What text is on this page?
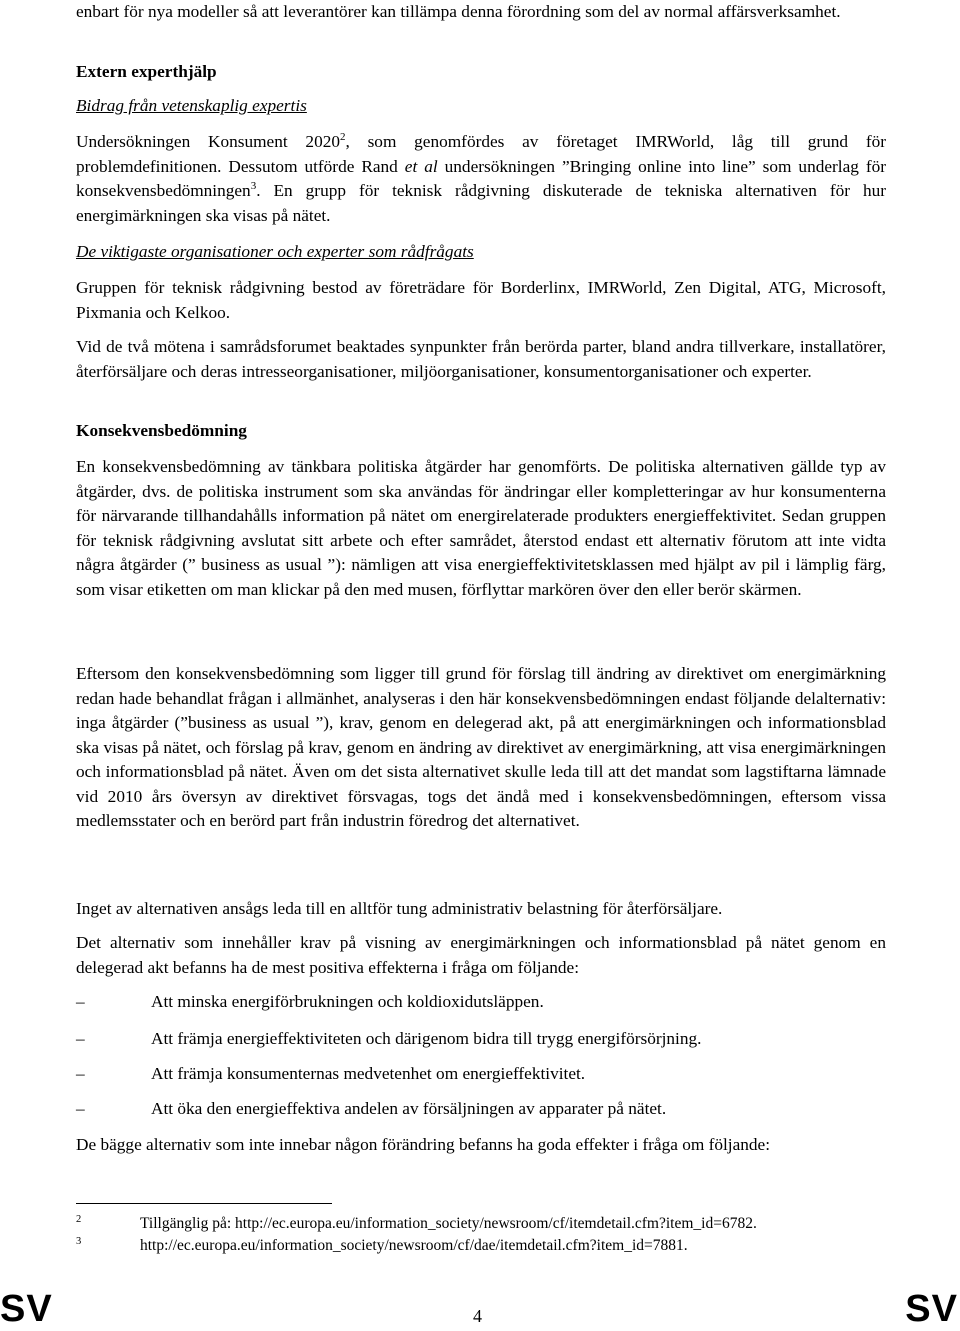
enbart för nya modeller så att leverantörer kan tillämpa denna förordning som del av normal affärsverksamhet.

Extern experthjälp

Bidrag från vetenskaplig expertis

Undersökningen Konsument 2020$^2$, som genomfördes av företaget IMRWorld, låg till grund för problemdefinitionen. Dessutom utförde Rand et al undersökningen ”Bringing online into line” som underlag för konsekvensbedömningen$^3$. En grupp för teknisk rådgivning diskuterade de tekniska alternativen för hur energimärkningen ska visas på nätet.

De viktigaste organisationer och experter som rådfrågats

Gruppen för teknisk rådgivning bestod av företrädare för Borderlinx, IMRWorld, Zen Digital, ATG, Microsoft, Pixmania och Kelkoo.

Vid de två mötena i samrådsforumet beaktades synpunkter från berörda parter, bland andra tillverkare, installatörer, återförsäljare och deras intresseorganisationer, miljöorganisationer, konsumentorganisationer och experter.

Konsekvensbedömning

En konsekvensbedömning av tänkbara politiska åtgärder har genomförts. De politiska alternativen gällde typ av åtgärder, dvs. de politiska instrument som ska användas för ändringar eller kompletteringar av hur konsumenterna för närvarande tillhandahålls information på nätet om energirelaterade produkters energieffektivitet. Sedan gruppen för teknisk rådgivning avslutat sitt arbete och efter samrådet, återstod endast ett alternativ förutom att inte vidta några åtgärder (” business as usual ”): nämligen att visa energieffektivitetsklassen med hjälpt av pil i lämplig färg, som visar etiketten om man klickar på den med musen, förflyttar markören över den eller berör skärmen.

Eftersom den konsekvensbedömning som ligger till grund för förslag till ändring av direktivet om energimärkning redan hade behandlat frågan i allmänhet, analyseras i den här konsekvensbedömningen endast följande delalternativ: inga åtgärder (”business as usual ”), krav, genom en delegerad akt, på att energimärkningen och informationsblad ska visas på nätet, och förslag på krav, genom en ändring av direktivet av energimärkning, att visa energimärkningen och informationsblad på nätet. Även om det sista alternativet skulle leda till att det mandat som lagstiftarna lämnade vid 2010 års översyn av direktivet försvagas, togs det ändå med i konsekvensbedömningen, eftersom vissa medlemsstater och en berörd part från industrin föredrog det alternativet.

Inget av alternativen ansågs leda till en alltför tung administrativ belastning för återförsäljare.

Det alternativ som innehåller krav på visning av energimärkningen och informationsblad på nätet genom en delegerad akt befanns ha de mest positiva effekterna i fråga om följande:

–	Att minska energiförbrukningen och koldioxidutsläppen.
–	Att främja energieffektiviteten och därigenom bidra till trygg energiförsörjning.
–	Att främja konsumenternas medvetenhet om energieffektivitet.
–	Att öka den energieffektiva andelen av försäljningen av apparater på nätet.

De bägge alternativ som inte innebar någon förändring befanns ha goda effekter i fråga om följande:

2	Tillgänglig på: http://ec.europa.eu/information_society/newsroom/cf/itemdetail.cfm?item_id=6782.
3	http://ec.europa.eu/information_society/newsroom/cf/dae/itemdetail.cfm?item_id=7881.
SV	4	SV
